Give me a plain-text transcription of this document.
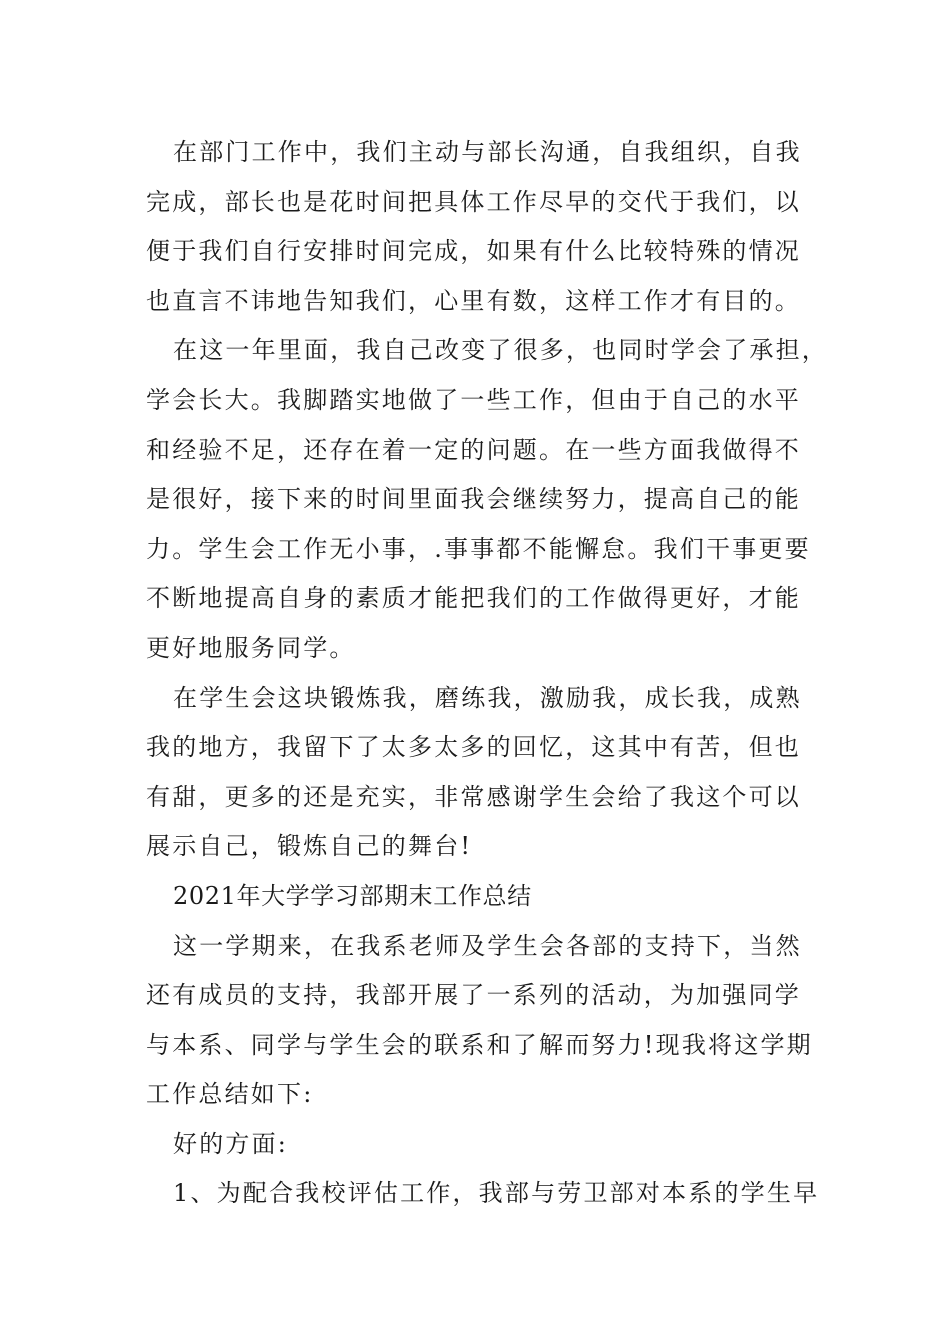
在部门工作中，我们主动与部长沟通，自我组织，自我
完成，部长也是花时间把具体工作尽早的交代于我们，以
便于我们自行安排时间完成，如果有什么比较特殊的情况
也直言不讳地告知我们，心里有数，这样工作才有目的。
在这一年里面，我自己改变了很多，也同时学会了承担，
学会长大。我脚踏实地做了一些工作，但由于自己的水平
和经验不足，还存在着一定的问题。在一些方面我做得不
是很好，接下来的时间里面我会继续努力，提高自己的能
力。学生会工作无小事，.事事都不能懈怠。我们干事更要
不断地提高自身的素质才能把我们的工作做得更好，才能
更好地服务同学。
在学生会这块锻炼我，磨练我，激励我，成长我，成熟
我的地方，我留下了太多太多的回忆，这其中有苦，但也
有甜，更多的还是充实，非常感谢学生会给了我这个可以
展示自己，锻炼自己的舞台!
2021年大学学习部期末工作总结
这一学期来，在我系老师及学生会各部的支持下，当然
还有成员的支持，我部开展了一系列的活动，为加强同学
与本系、同学与学生会的联系和了解而努力!现我将这学期
工作总结如下:
好的方面:
1、为配合我校评估工作，我部与劳卫部对本系的学生早
